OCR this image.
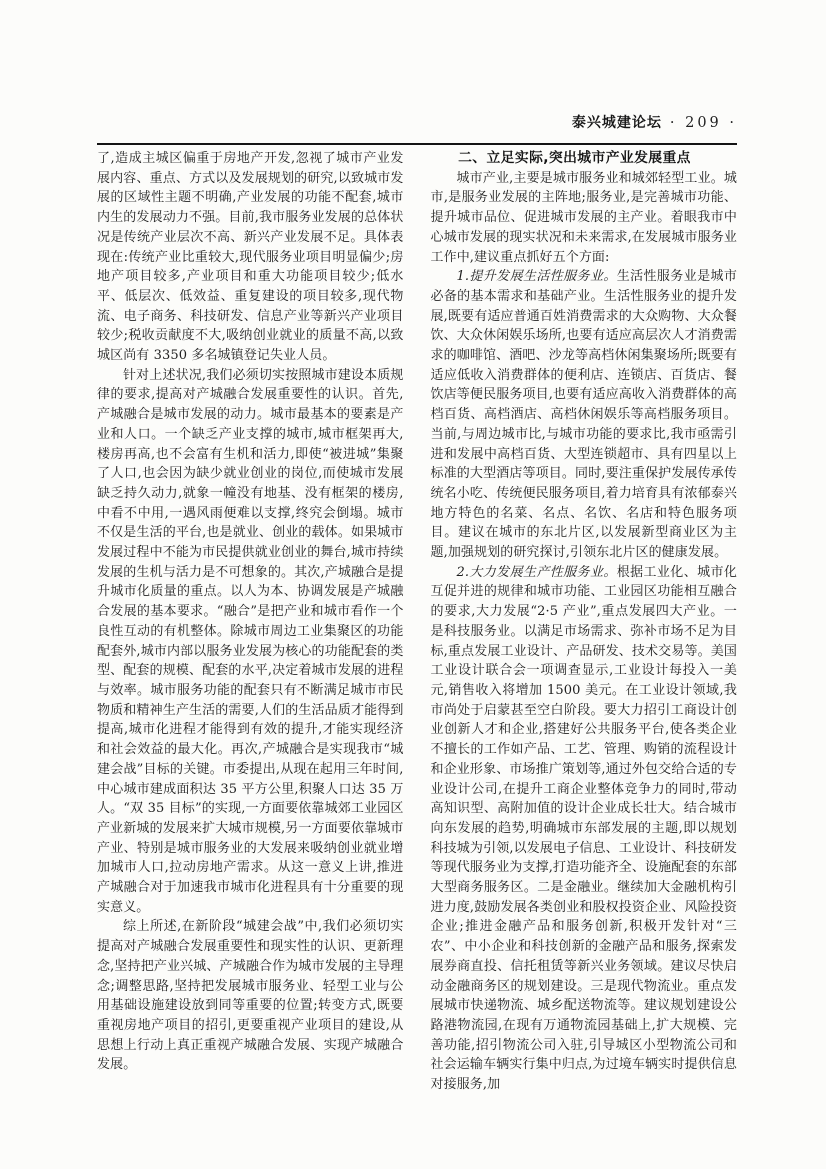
泰兴城建论坛 · 209 ·

了,造成主城区偏重于房地产开发,忽视了城市产业发展内容、重点、方式以及发展规划的研究,以致城市发展的区域性主题不明确,产业发展的功能不配套,城市内生的发展动力不强。目前,我市服务业发展的总体状况是传统产业层次不高、新兴产业发展不足。具体表现在:传统产业比重较大,现代服务业项目明显偏少;房地产项目较多,产业项目和重大功能项目较少;低水平、低层次、低效益、重复建设的项目较多,现代物流、电子商务、科技研发、信息产业等新兴产业项目较少;税收贡献度不大,吸纳创业就业的质量不高,以致城区尚有 3350 多名城镇登记失业人员。

针对上述状况,我们必须切实按照城市建设本质规律的要求,提高对产城融合发展重要性的认识。首先,产城融合是城市发展的动力。城市最基本的要素是产业和人口。一个缺乏产业支撑的城市,城市框架再大,楼房再高,也不会富有生机和活力,即使“被进城”集聚了人口,也会因为缺少就业创业的岗位,而使城市发展缺乏持久动力,就象一幢没有地基、没有框架的楼房,中看不中用,一遇风雨便难以支撑,终究会倒塌。城市不仅是生活的平台,也是就业、创业的载体。如果城市发展过程中不能为市民提供就业创业的舞台,城市持续发展的生机与活力是不可想象的。其次,产城融合是提升城市化质量的重点。以人为本、协调发展是产城融合发展的基本要求。“融合”是把产业和城市看作一个良性互动的有机整体。除城市周边工业集聚区的功能配套外,城市内部以服务业发展为核心的功能配套的类型、配套的规模、配套的水平,决定着城市发展的进程与效率。城市服务功能的配套只有不断满足城市市民物质和精神生产生活的需要,人们的生活品质才能得到提高,城市化进程才能得到有效的提升,才能实现经济和社会效益的最大化。再次,产城融合是实现我市“城建会战”目标的关键。市委提出,从现在起用三年时间,中心城市建成面积达 35 平方公里,积聚人口达 35 万人。“双 35 目标”的实现,一方面要依靠城郊工业园区产业新城的发展来扩大城市规模,另一方面要依靠城市产业、特别是城市服务业的大发展来吸纳创业就业增加城市人口,拉动房地产需求。从这一意义上讲,推进产城融合对于加速我市城市化进程具有十分重要的现实意义。

综上所述,在新阶段“城建会战”中,我们必须切实提高对产城融合发展重要性和现实性的认识、更新理念,坚持把产业兴城、产城融合作为城市发展的主导理念;调整思路,坚持把发展城市服务业、轻型工业与公用基础设施建设放到同等重要的位置;转变方式,既要重视房地产项目的招引,更要重视产业项目的建设,从思想上行动上真正重视产城融合发展、实现产城融合发展。

二、立足实际,突出城市产业发展重点

城市产业,主要是城市服务业和城郊轻型工业。城市,是服务业发展的主阵地;服务业,是完善城市功能、提升城市品位、促进城市发展的主产业。着眼我市中心城市发展的现实状况和未来需求,在发展城市服务业工作中,建议重点抓好五个方面:

1.提升发展生活性服务业。生活性服务业是城市必备的基本需求和基础产业。生活性服务业的提升发展,既要有适应普通百姓消费需求的大众购物、大众餐饮、大众休闲娱乐场所,也要有适应高层次人才消费需求的咖啡馆、酒吧、沙龙等高档休闲集聚场所;既要有适应低收入消费群体的便利店、连锁店、百货店、餐饮店等便民服务项目,也要有适应高收入消费群体的高档百货、高档酒店、高档休闲娱乐等高档服务项目。当前,与周边城市比,与城市功能的要求比,我市亟需引进和发展中高档百货、大型连锁超市、具有四星以上标准的大型酒店等项目。同时,要注重保护发展传承传统名小吃、传统便民服务项目,着力培育具有浓郁泰兴地方特色的名菜、名点、名饮、名店和特色服务项目。建议在城市的东北片区,以发展新型商业区为主题,加强规划的研究探讨,引领东北片区的健康发展。

2.大力发展生产性服务业。根据工业化、城市化互促并进的规律和城市功能、工业园区功能相互融合的要求,大力发展“2·5 产业”,重点发展四大产业。一是科技服务业。以满足市场需求、弥补市场不足为目标,重点发展工业设计、产品研发、技术交易等。美国工业设计联合会一项调查显示,工业设计每投入一美元,销售收入将增加 1500 美元。在工业设计领域,我市尚处于启蒙甚至空白阶段。要大力招引工商设计创业创新人才和企业,搭建好公共服务平台,使各类企业不擅长的工作如产品、工艺、管理、购销的流程设计和企业形象、市场推广策划等,通过外包交给合适的专业设计公司,在提升工商企业整体竞争力的同时,带动高知识型、高附加值的设计企业成长壮大。结合城市向东发展的趋势,明确城市东部发展的主题,即以规划科技城为引领,以发展电子信息、工业设计、科技研发等现代服务业为支撑,打造功能齐全、设施配套的东部大型商务服务区。二是金融业。继续加大金融机构引进力度,鼓励发展各类创业和股权投资企业、风险投资企业;推进金融产品和服务创新,积极开发针对“三农”、中小企业和科技创新的金融产品和服务,探索发展券商直投、信托租赁等新兴业务领域。建议尽快启动金融商务区的规划建设。三是现代物流业。重点发展城市快递物流、城乡配送物流等。建议规划建设公路港物流园,在现有万通物流园基础上,扩大规模、完善功能,招引物流公司入驻,引导城区小型物流公司和社会运输车辆实行集中归点,为过境车辆实时提供信息对接服务,加
